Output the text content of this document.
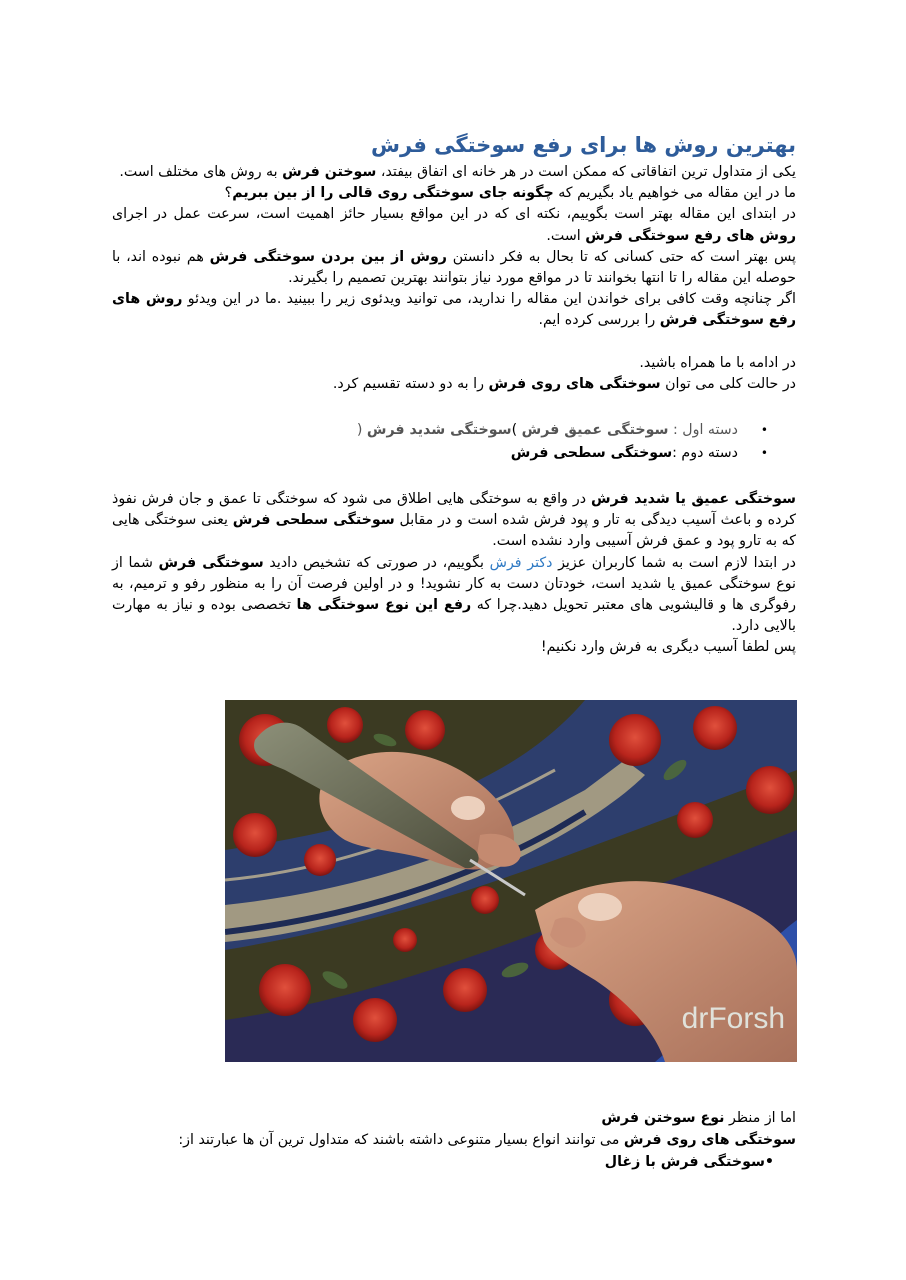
بهترین روش ها برای رفع سوختگی فرش

یکی از متداول ترین اتفاقاتی که ممکن است در هر خانه ای اتفاق بیفتد، سوختن فرش به روش های مختلف است.

ما در این مقاله می خواهیم یاد بگیریم که چگونه جای سوختگی روی قالی را از بین ببریم؟

در ابتدای این مقاله بهتر است بگوییم، نکته ای که در این مواقع بسیار حائز اهمیت است، سرعت عمل در اجرای روش های رفع سوختگی فرش است.

پس بهتر است که حتی کسانی که تا بحال به فکر دانستن روش از بین بردن سوختگی فرش هم نبوده اند، با حوصله این مقاله را تا انتها بخوانند تا در مواقع مورد نیاز بتوانند بهترین تصمیم را بگیرند.

اگر چنانچه وقت کافی برای خواندن این مقاله را ندارید، می توانید ویدئوی زیر را ببینید .ما در این ویدئو روش های رفع سوختگی فرش را بررسی کرده ایم.

در ادامه با ما همراه باشید.

در حالت کلی می توان سوختگی های روی فرش را به دو دسته تقسیم کرد.

•
دسته اول : سوختگی عمیق فرش )سوختگی شدید فرش (
•
دسته دوم :سوختگی سطحی فرش

سوختگی عمیق یا شدید فرش در واقع به سوختگی هایی اطلاق می شود که سوختگی تا عمق و جان فرش نفوذ کرده و باعث آسیب دیدگی به تار و پود فرش شده است و در مقابل سوختگی سطحی فرش یعنی سوختگی هایی که به تارو پود و عمق فرش آسیبی وارد نشده است.

در ابتدا لازم است به شما کاربران عزیز دکتر فرش بگوییم، در صورتی که تشخیص دادید سوختگی فرش شما از نوع سوختگی عمیق یا شدید است، خودتان دست به کار نشوید! و در اولین فرصت آن را به منظور رفو و ترمیم، به رفوگری ها و قالیشویی های معتبر تحویل دهید.چرا که رفع این نوع سوختگی ها تخصصی بوده و نیاز به مهارت بالایی دارد.

پس لطفا آسیب دیگری به فرش وارد نکنیم!

drForsh

اما از منظر نوع سوختن فرش

سوختگی های روی فرش می توانند انواع بسیار متنوعی داشته باشند که متداول ترین آن ها عبارتند از:

•سوختگی فرش با زغال
